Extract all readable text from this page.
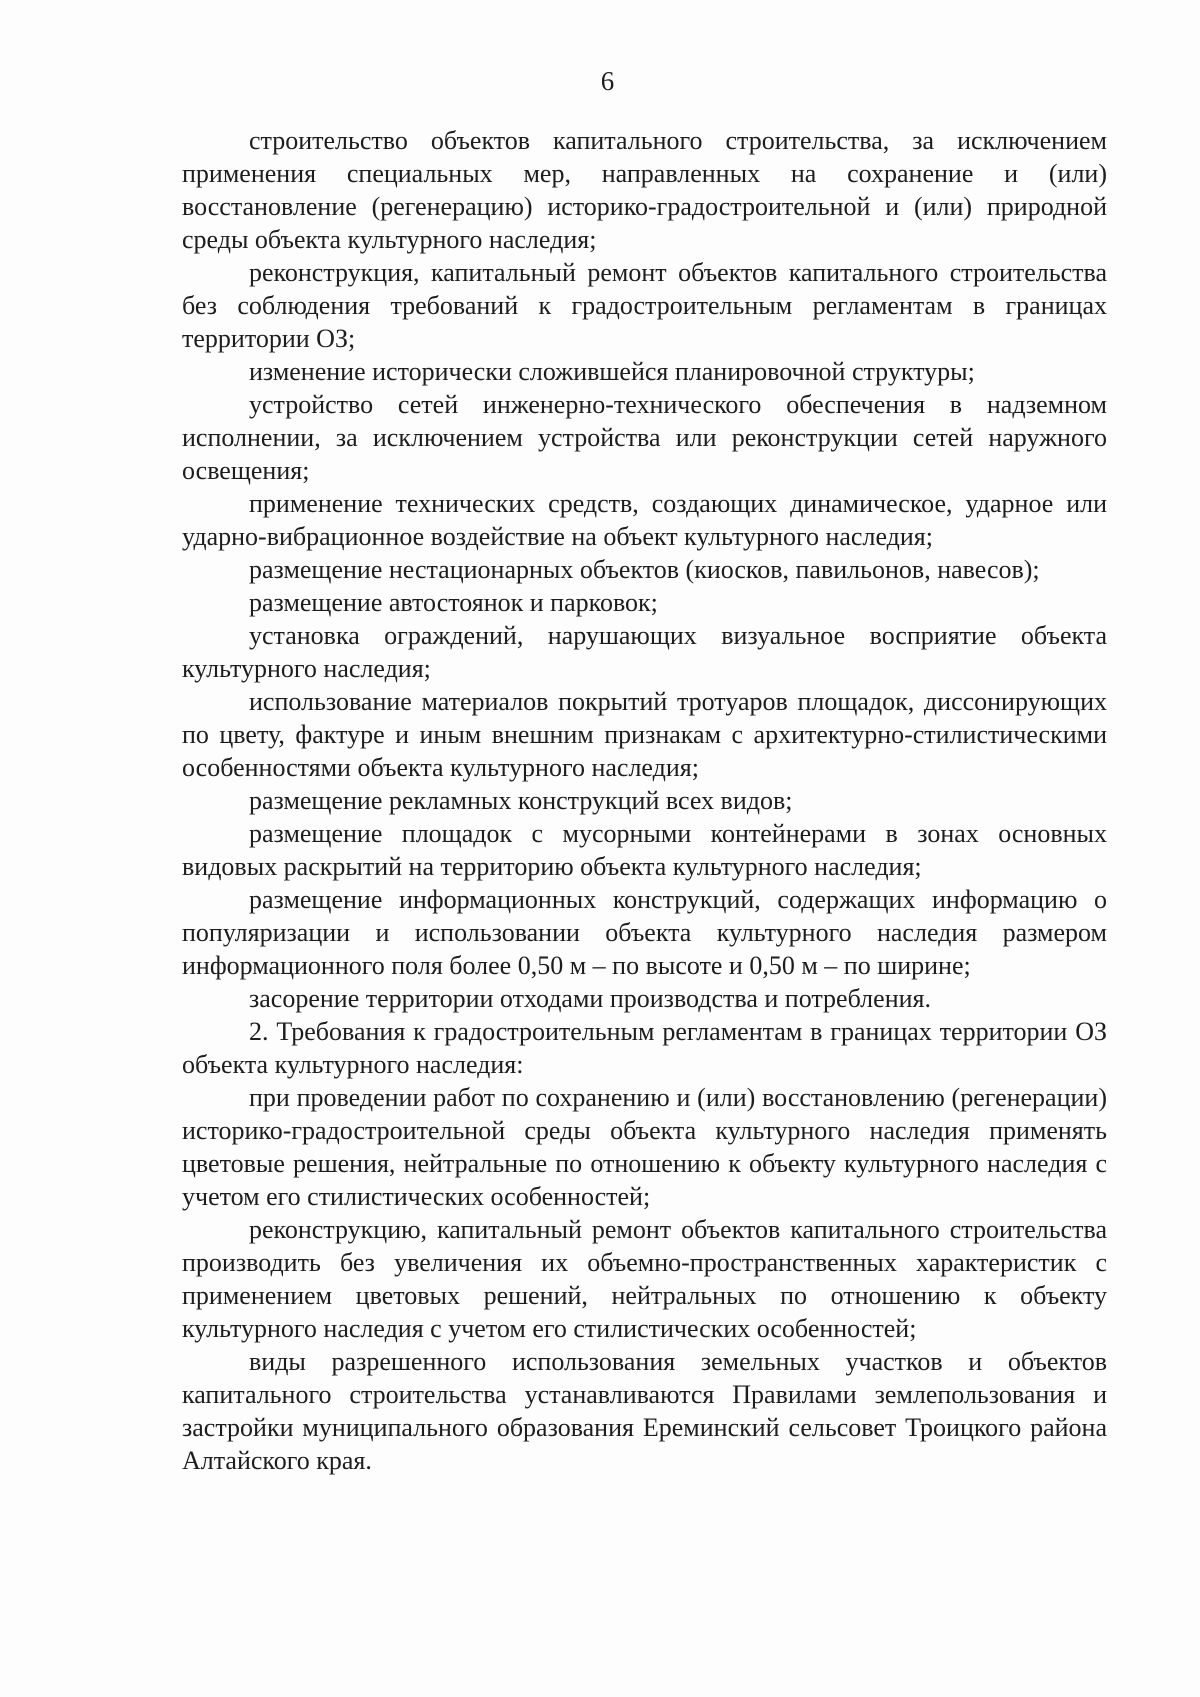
6

строительство объектов капитального строительства, за исключением применения специальных мер, направленных на сохранение и (или) восстановление (регенерацию) историко-градостроительной и (или) природной среды объекта культурного наследия;

реконструкция, капитальный ремонт объектов капитального строительства без соблюдения требований к градостроительным регламентам в границах территории ОЗ;

изменение исторически сложившейся планировочной структуры;

устройство сетей инженерно-технического обеспечения в надземном исполнении, за исключением устройства или реконструкции сетей наружного освещения;

применение технических средств, создающих динамическое, ударное или ударно-вибрационное воздействие на объект культурного наследия;

размещение нестационарных объектов (киосков, павильонов, навесов);

размещение автостоянок и парковок;

установка ограждений, нарушающих визуальное восприятие объекта культурного наследия;

использование материалов покрытий тротуаров площадок, диссонирующих по цвету, фактуре и иным внешним признакам с архитектурно-стилистическими особенностями объекта культурного наследия;

размещение рекламных конструкций всех видов;

размещение площадок с мусорными контейнерами в зонах основных видовых раскрытий на территорию объекта культурного наследия;

размещение информационных конструкций, содержащих информацию о популяризации и использовании объекта культурного наследия размером информационного поля более 0,50 м – по высоте и 0,50 м – по ширине;

засорение территории отходами производства и потребления.

2. Требования к градостроительным регламентам в границах территории ОЗ объекта культурного наследия:

при проведении работ по сохранению и (или) восстановлению (регенерации) историко-градостроительной среды объекта культурного наследия применять цветовые решения, нейтральные по отношению к объекту культурного наследия с учетом его стилистических особенностей;

реконструкцию, капитальный ремонт объектов капитального строительства производить без увеличения их объемно-пространственных характеристик с применением цветовых решений, нейтральных по отношению к объекту культурного наследия с учетом его стилистических особенностей;

виды разрешенного использования земельных участков и объектов капитального строительства устанавливаются Правилами землепользования и застройки муниципального образования Ереминский сельсовет Троицкого района Алтайского края.
